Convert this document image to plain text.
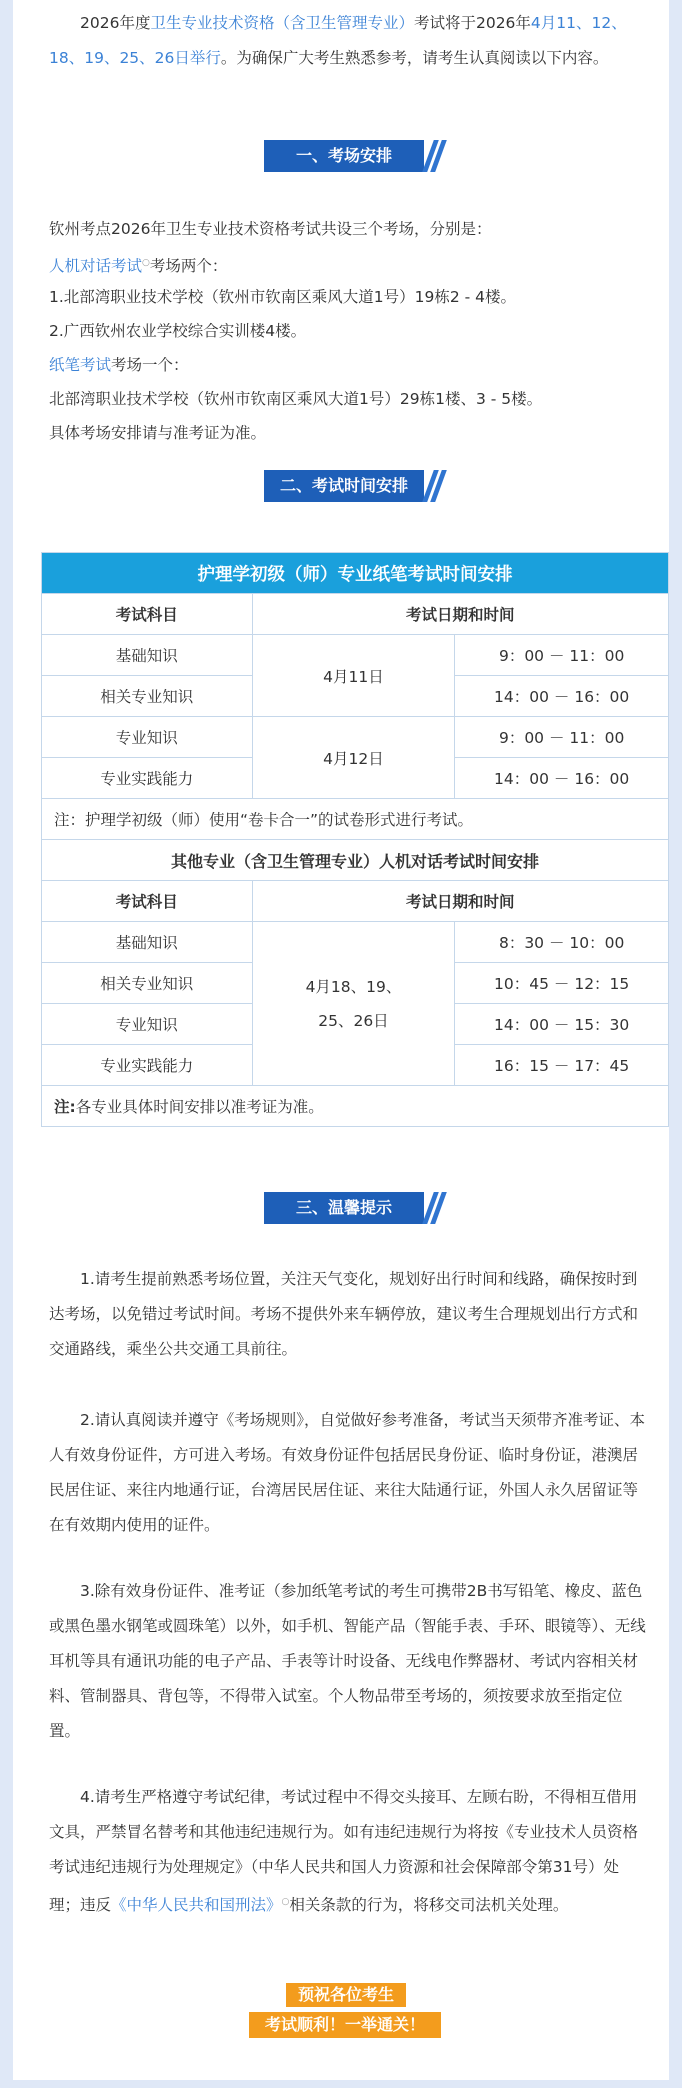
2026年度卫生专业技术资格（含卫生管理专业）考试将于2026年4月11、12、18、19、25、26日举行。为确保广大考生熟悉参考，请考生认真阅读以下内容。

一、考场安排

钦州考点2026年卫生专业技术资格考试共设三个考场，分别是：

人机对话考试○考场两个：

1.北部湾职业技术学校（钦州市钦南区乘风大道1号）19栋2 - 4楼。

2.广西钦州农业学校综合实训楼4楼。

纸笔考试考场一个：

北部湾职业技术学校（钦州市钦南区乘风大道1号）29栋1楼、3 - 5楼。

具体考场安排请与准考证为准。

二、考试时间安排
护理学初级（师）专业纸笔考试时间安排		
考试科目	考试日期和时间	
基础知识	4月11日	9：00 － 11：00
相关专业知识		14：00 － 16：00
专业知识	4月12日	9：00 － 11：00
专业实践能力		14：00 － 16：00
注：护理学初级（师）使用“卷卡合一”的试卷形式进行考试。		
其他专业（含卫生管理专业）人机对话考试时间安排		
考试科目	考试日期和时间	
基础知识	4月18、19、
25、26日	8：30 － 10：00
相关专业知识		10：45 － 12：15
专业知识		14：00 － 15：30
专业实践能力		16：15 － 17：45
注:各专业具体时间安排以准考证为准。		
三、温馨提示

1.请考生提前熟悉考场位置，关注天气变化，规划好出行时间和线路，确保按时到达考场，以免错过考试时间。考场不提供外来车辆停放，建议考生合理规划出行方式和交通路线，乘坐公共交通工具前往。

2.请认真阅读并遵守《考场规则》，自觉做好参考准备，考试当天须带齐准考证、本人有效身份证件，方可进入考场。有效身份证件包括居民身份证、临时身份证，港澳居民居住证、来往内地通行证，台湾居民居住证、来往大陆通行证，外国人永久居留证等在有效期内使用的证件。

3.除有效身份证件、准考证（参加纸笔考试的考生可携带2B书写铅笔、橡皮、蓝色或黑色墨水钢笔或圆珠笔）以外，如手机、智能产品（智能手表、手环、眼镜等）、无线耳机等具有通讯功能的电子产品、手表等计时设备、无线电作弊器材、考试内容相关材料、管制器具、背包等，不得带入试室。个人物品带至考场的，须按要求放至指定位置。

4.请考生严格遵守考试纪律，考试过程中不得交头接耳、左顾右盼，不得相互借用文具，严禁冒名替考和其他违纪违规行为。如有违纪违规行为将按《专业技术人员资格考试违纪违规行为处理规定》（中华人民共和国人力资源和社会保障部令第31号）处理；违反《中华人民共和国刑法》○相关条款的行为，将移交司法机关处理。

预祝各位考生
考试顺利！一举通关！
